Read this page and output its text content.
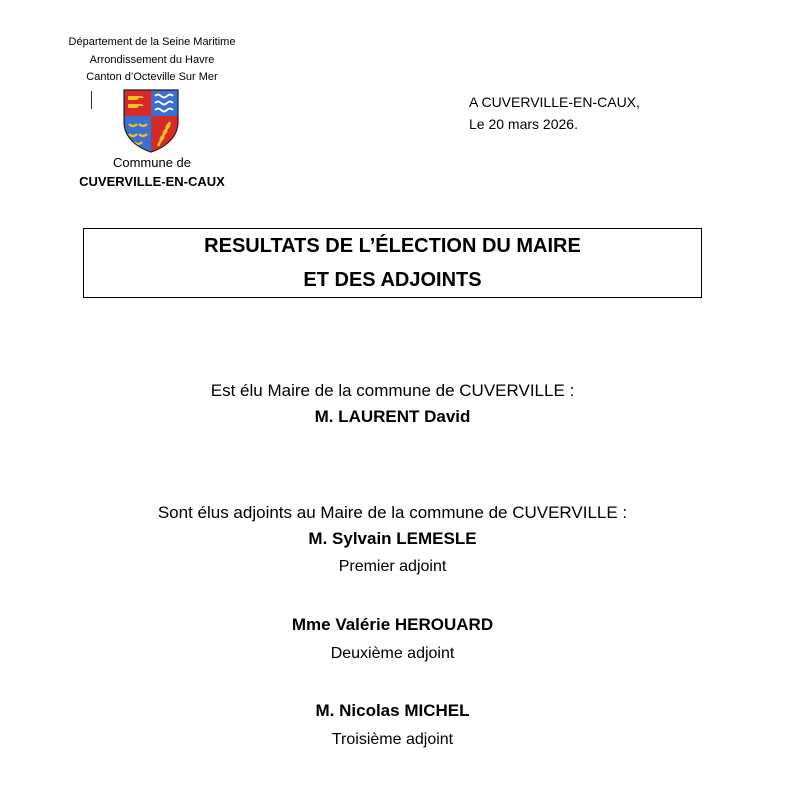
Département de la Seine Maritime
Arrondissement du Havre
Canton d’Octeville Sur Mer
Commune de
CUVERVILLE-EN-CAUX
A CUVERVILLE-EN-CAUX,
Le 20 mars 2026.
RESULTATS DE L’ÉLECTION DU MAIRE
ET DES ADJOINTS
Est élu Maire de la commune de CUVERVILLE :
M. LAURENT David
Sont élus adjoints au Maire de la commune de CUVERVILLE :
M. Sylvain LEMESLE
Premier adjoint
Mme Valérie HEROUARD
Deuxième adjoint
M. Nicolas MICHEL
Troisième adjoint
